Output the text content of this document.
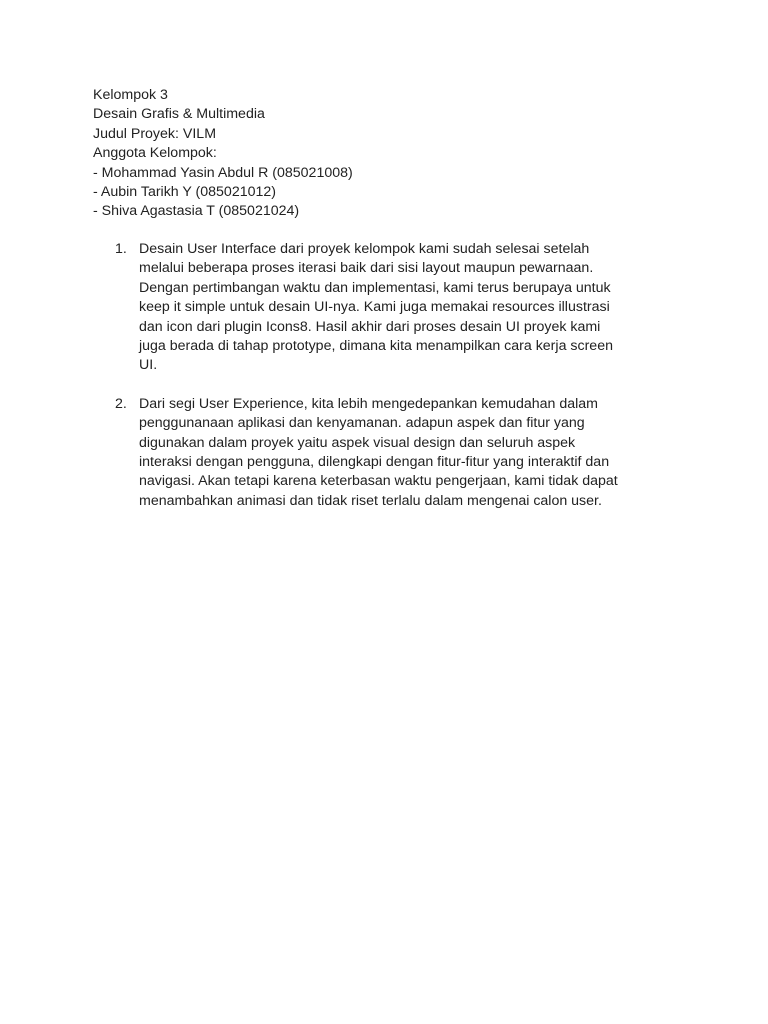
Kelompok 3

Desain Grafis & Multimedia

Judul Proyek: VILM

Anggota Kelompok:

- Mohammad Yasin Abdul R (085021008)

- Aubin Tarikh Y (085021012)

- Shiva Agastasia T (085021024)

1. Desain User Interface dari proyek kelompok kami sudah selesai setelah
melalui beberapa proses iterasi baik dari sisi layout maupun pewarnaan.
Dengan pertimbangan waktu dan implementasi, kami terus berupaya untuk
keep it simple untuk desain UI-nya. Kami juga memakai resources illustrasi
dan icon dari plugin Icons8. Hasil akhir dari proses desain UI proyek kami
juga berada di tahap prototype, dimana kita menampilkan cara kerja screen
UI.

2. Dari segi User Experience, kita lebih mengedepankan kemudahan dalam
penggunanaan aplikasi dan kenyamanan. adapun aspek dan fitur yang
digunakan dalam proyek yaitu aspek visual design dan seluruh aspek
interaksi dengan pengguna, dilengkapi dengan fitur-fitur yang interaktif dan
navigasi. Akan tetapi karena keterbasan waktu pengerjaan, kami tidak dapat
menambahkan animasi dan tidak riset terlalu dalam mengenai calon user.
